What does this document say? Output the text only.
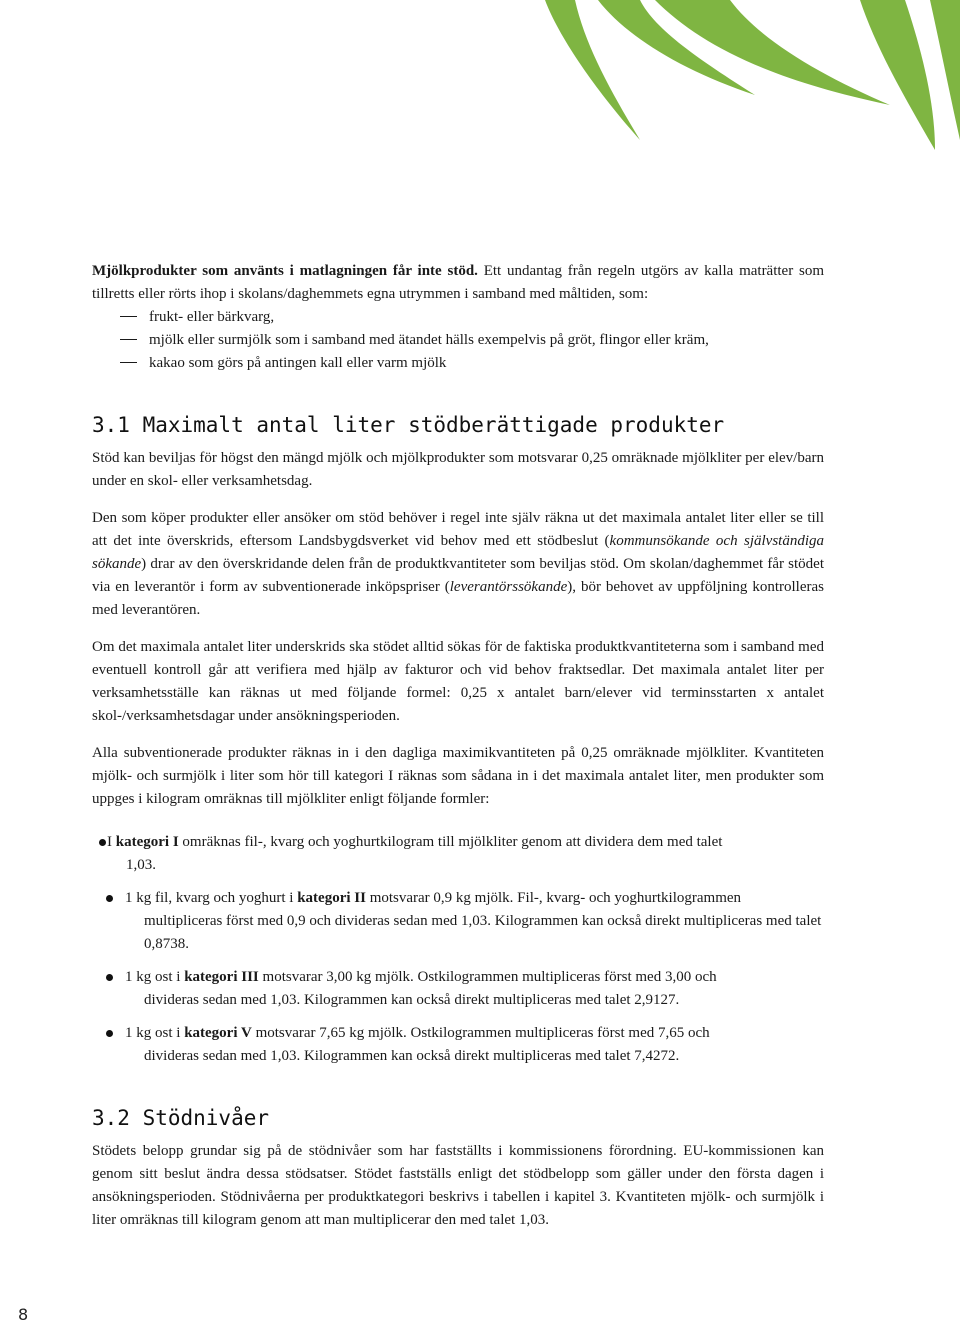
Mjölkprodukter som använts i matlagningen får inte stöd. Ett undantag från regeln utgörs av kalla maträtter som tillretts eller rörts ihop i skolans/daghemmets egna utrymmen i samband med måltiden, som:

frukt- eller bärkvarg,
mjölk eller surmjölk som i samband med ätandet hälls exempelvis på gröt, flingor eller kräm,
kakao som görs på antingen kall eller varm mjölk
3.1 Maximalt antal liter stödberättigade produkter

Stöd kan beviljas för högst den mängd mjölk och mjölkprodukter som motsvarar 0,25 omräknade mjölkliter per elev/barn under en skol- eller verksamhetsdag.

Den som köper produkter eller ansöker om stöd behöver i regel inte själv räkna ut det maximala antalet liter eller se till att det inte överskrids, eftersom Landsbygdsverket vid behov med ett stödbeslut (kommunsökande och självständiga sökande) drar av den överskridande delen från de produktkvantiteter som beviljas stöd. Om skolan/daghemmet får stödet via en leverantör i form av subventionerade inköpspriser (leverantörssökande), bör behovet av uppföljning kontrolleras med leverantören.

Om det maximala antalet liter underskrids ska stödet alltid sökas för de faktiska produktkvantiteterna som i samband med eventuell kontroll går att verifiera med hjälp av fakturor och vid behov fraktsedlar. Det maximala antalet liter per verksamhetsställe kan räknas ut med följande formel: 0,25 x antalet barn/elever vid terminsstarten x antalet skol-/verksamhetsdagar under ansökningsperioden.

Alla subventionerade produkter räknas in i den dagliga maximikvantiteten på 0,25 omräknade mjölkliter. Kvantiteten mjölk- och surmjölk i liter som hör till kategori I räknas som sådana in i det maximala antalet liter, men produkter som uppges i kilogram omräknas till mjölkliter enligt följande formler:

I kategori I omräknas fil-, kvarg och yoghurtkilogram till mjölkliter genom att dividera dem med talet
1,03.
1 kg fil, kvarg och yoghurt i kategori II motsvarar 0,9 kg mjölk. Fil-, kvarg- och yoghurtkilogrammen
multipliceras först med 0,9 och divideras sedan med 1,03. Kilogrammen kan också direkt multipliceras med talet 0,8738.
1 kg ost i kategori III motsvarar 3,00 kg mjölk. Ostkilogrammen multipliceras först med 3,00 och
divideras sedan med 1,03. Kilogrammen kan också direkt multipliceras med talet 2,9127.
1 kg ost i kategori V motsvarar 7,65 kg mjölk. Ostkilogrammen multipliceras först med 7,65 och
divideras sedan med 1,03. Kilogrammen kan också direkt multipliceras med talet 7,4272.
3.2 Stödnivåer

Stödets belopp grundar sig på de stödnivåer som har fastställts i kommissionens förordning. EU-kommissionen kan genom sitt beslut ändra dessa stödsatser. Stödet fastställs enligt det stödbelopp som gäller under den första dagen i ansökningsperioden. Stödnivåerna per produktkategori beskrivs i tabellen i kapitel 3. Kvantiteten mjölk- och surmjölk i liter omräknas till kilogram genom att man multiplicerar den med talet 1,03.

8
